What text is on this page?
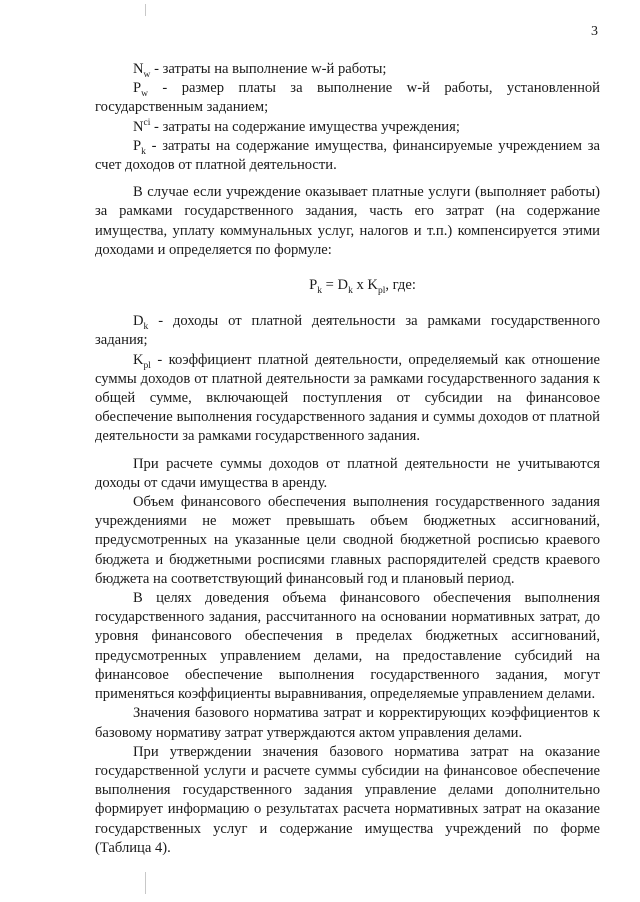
3

$N_w$ - затраты на выполнение w-й работы;

$P_w$ - размер платы за выполнение w-й работы, установленной государственным заданием;

$N^{ci}$ - затраты на содержание имущества учреждения;

$P_k$ - затраты на содержание имущества, финансируемые учреждением за счет доходов от платной деятельности.

В случае если учреждение оказывает платные услуги (выполняет работы) за рамками государственного задания, часть его затрат (на содержание имущества, уплату коммунальных услуг, налогов и т.п.) компенсируется этими доходами и определяется по формуле:

$P_k = D_k$ x $K_{pl}$, где:

$D_k$ - доходы от платной деятельности за рамками государственного задания;

$K_{pl}$ - коэффициент платной деятельности, определяемый как отношение суммы доходов от платной деятельности за рамками государственного задания к общей сумме, включающей поступления от субсидии на финансовое обеспечение выполнения государственного задания и суммы доходов от платной деятельности за рамками государственного задания.

При расчете суммы доходов от платной деятельности не учитываются доходы от сдачи имущества в аренду.

Объем финансового обеспечения выполнения государственного задания учреждениями не может превышать объем бюджетных ассигнований, предусмотренных на указанные цели сводной бюджетной росписью краевого бюджета и бюджетными росписями главных распорядителей средств краевого бюджета на соответствующий финансовый год и плановый период.

В целях доведения объема финансового обеспечения выполнения государственного задания, рассчитанного на основании нормативных затрат, до уровня финансового обеспечения в пределах бюджетных ассигнований, предусмотренных управлением делами, на предоставление субсидий на финансовое обеспечение выполнения государственного задания, могут применяться коэффициенты выравнивания, определяемые управлением делами.

Значения базового норматива затрат и корректирующих коэффициентов к базовому нормативу затрат утверждаются актом управления делами.

При утверждении значения базового норматива затрат на оказание государственной услуги и расчете суммы субсидии на финансовое обеспечение выполнения государственного задания управление делами дополнительно формирует информацию о результатах расчета нормативных затрат на оказание государственных услуг и содержание имущества учреждений по форме (Таблица 4).
